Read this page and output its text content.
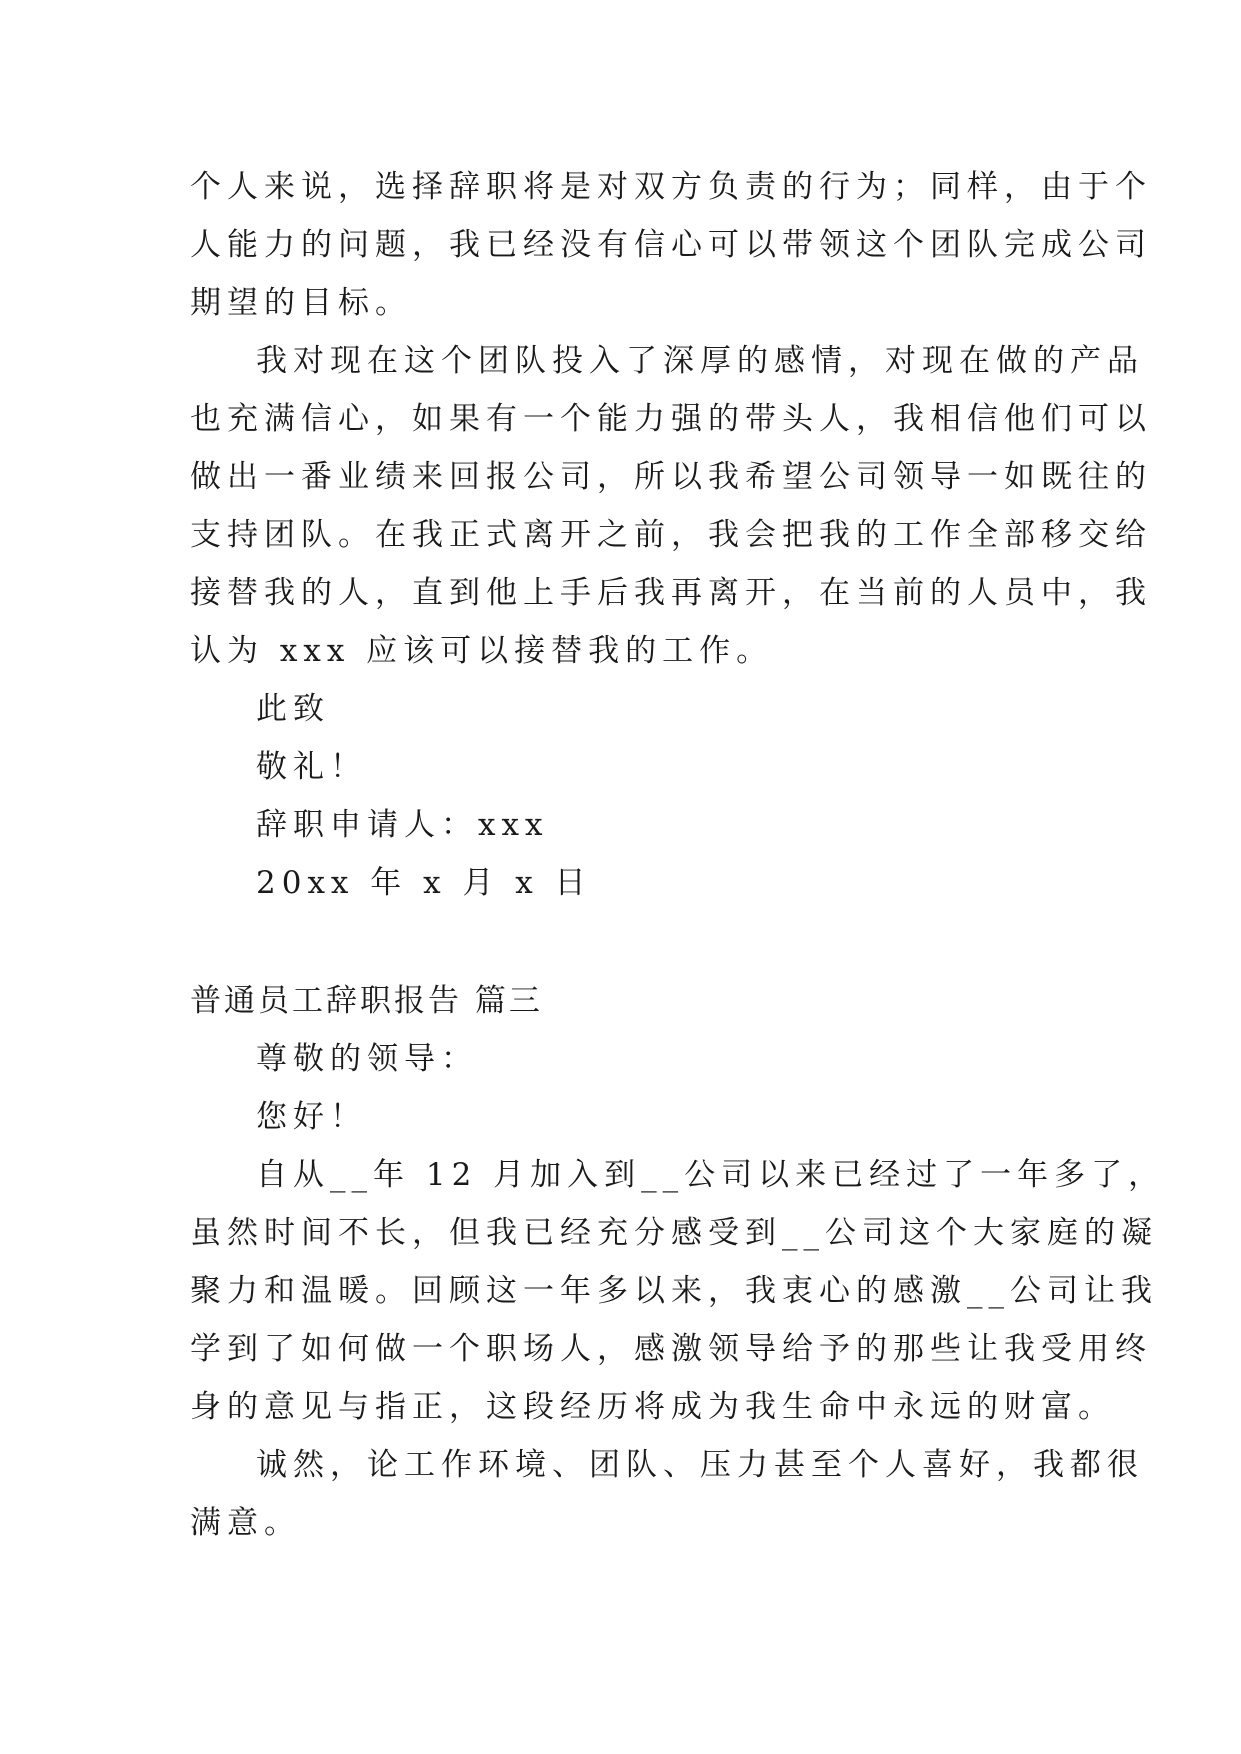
个人来说，选择辞职将是对双方负责的行为；同样，由于个

人能力的问题，我已经没有信心可以带领这个团队完成公司

期望的目标。

我对现在这个团队投入了深厚的感情，对现在做的产品

也充满信心，如果有一个能力强的带头人，我相信他们可以

做出一番业绩来回报公司，所以我希望公司领导一如既往的

支持团队。在我正式离开之前，我会把我的工作全部移交给

接替我的人，直到他上手后我再离开，在当前的人员中，我

认为 xxx 应该可以接替我的工作。

此致

敬礼！

辞职申请人：xxx

20xx 年 x 月 x 日

普通员工辞职报告 篇三

尊敬的领导：

您好！

自从__年 12 月加入到__公司以来已经过了一年多了，

虽然时间不长，但我已经充分感受到__公司这个大家庭的凝

聚力和温暖。回顾这一年多以来，我衷心的感激__公司让我

学到了如何做一个职场人，感激领导给予的那些让我受用终

身的意见与指正，这段经历将成为我生命中永远的财富。

诚然，论工作环境、团队、压力甚至个人喜好，我都很

满意。
